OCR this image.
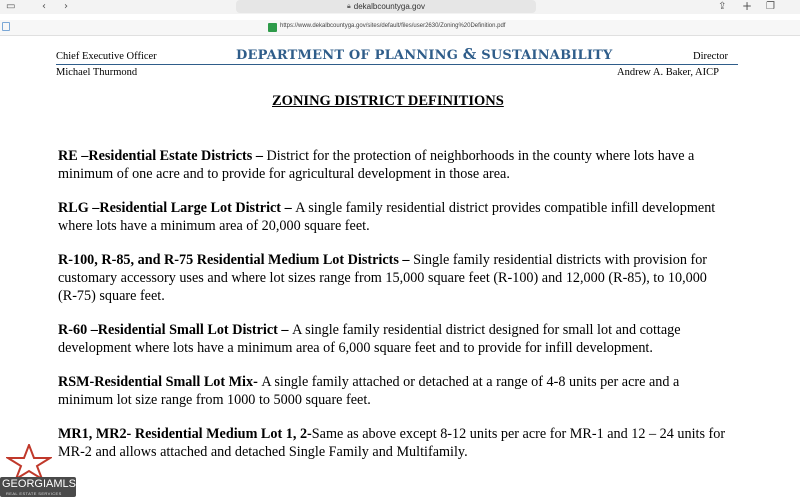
▭	‹ ›	🔒︎ dekalbcountyga.gov	⇪ + ❐
https://www.dekalbcountyga.gov/sites/default/files/user2630/Zoning%20Definition.pdf
Chief Executive Officer
Michael Thurmond
DEPARTMENT OF PLANNING & SUSTAINABILITY	Director
Andrew A. Baker, AICP
ZONING DISTRICT DEFINITIONS

RE –Residential Estate Districts – District for the protection of neighborhoods in the county where lots have a minimum of one acre and to provide for agricultural development in those area.

RLG –Residential Large Lot District – A single family residential district provides compatible infill development where lots have a minimum area of 20,000 square feet.

R-100, R-85, and R-75 Residential Medium Lot Districts – Single family residential districts with provision for customary accessory uses and where lot sizes range from 15,000 square feet (R-100) and 12,000 (R-85), to 10,000 (R-75) square feet.

R-60 –Residential Small Lot District – A single family residential district designed for small lot and cottage development where lots have a minimum area of 6,000 square feet and to provide for infill development.

RSM-Residential Small Lot Mix- A single family attached or detached at a range of 4-8 units per acre and a minimum lot size range from 1000 to 5000 square feet.

MR1, MR2- Residential Medium Lot 1, 2-Same as above except 8-12 units per acre for MR-1 and 12 – 24 units for MR-2 and allows attached and detached Single Family and Multifamily.

GEORGIAMLS
REAL ESTATE SERVICES
